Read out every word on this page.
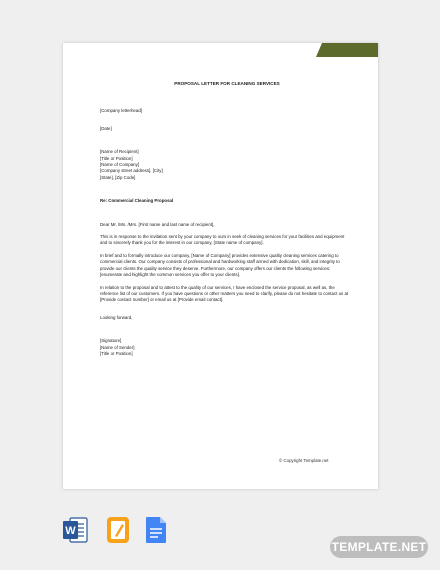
PROPOSAL LETTER FOR CLEANING SERVICES

[Company letterhead]

[Date]

[Name of Recipient]

[Title or Position]

[Name of Company]

[Company street address], [City]

[State], [Zip Code]

Re: Commercial Cleaning Proposal

Dear Mr. /Ms. /Mrs. [First name and last name of recipient],

This is in response to the invitation sent by your company to ours in seek of cleaning services for your facilities and equipment and to sincerely thank you for the interest in our company, [State name of company].

In brief and to formally introduce our company, [Name of Company] provides extensive quality cleaning services catering to commercial clients. Our company consists of professional and hardworking staff armed with dedication, skill, and integrity to provide our clients the quality service they deserve. Furthermore, our company offers our clients the following services: [enumerate and highlight the common services you offer to your clients].

In relation to the proposal and to attest to the quality of our services, I have enclosed the service proposal, as well as, the reference list of our customers. If you have questions or other matters you need to clarify, please do not hesitate to contact us at [Provide contact number] or email us at [Provide email contact].

Looking forward,

[Signature]

[Name of Sender]

[Title or Position]

© Copyright Template.net
W
TEMPLATE.NET
